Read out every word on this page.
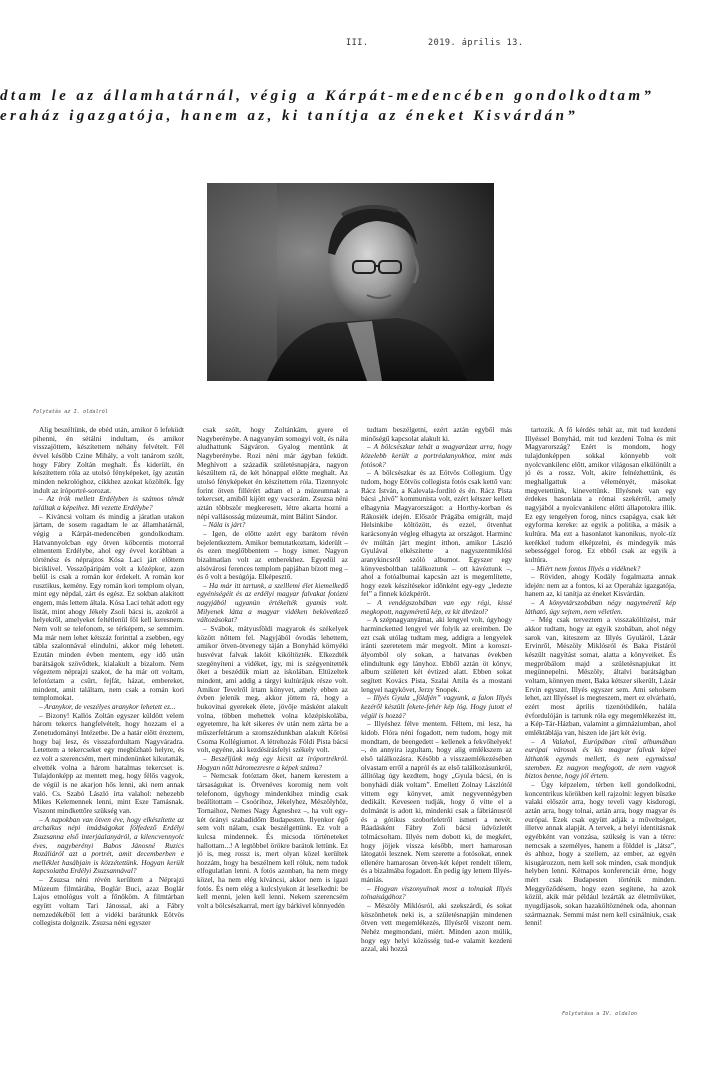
III.	2019. április 13.
dtam le az államhatárnál, végig a Kárpát-medencében gondolkodtam”
eraház igazgatója, hanem az, ki tanítja az éneket Kisvárdán”
Folytatás az I. oldalról

Alig beszéltünk, de ebéd után, amikor ő lefeküdt pihenni, én sétálni indultam, és amikor visszajöttem, készítettem néhány felvételt. Fél évvel később Czine Mihály, a volt tanárom szólt, hogy Fábry Zoltán meghalt. És kiderült, én készítettem róla az utolsó fényképeket, így azután minden nekrológhoz, cikkhez azokat közölték. Így indult az íróportré-sorozat.

– Az írók mellett Erdélyben is számos témát találtak a képeihez. Mi vezette Erdélybe?

– Kiváncsi voltam és mindig a járatlan utakon jártam, de sosem ragadtam le az államhatárnál, végig a Kárpát-medencében gondolkodtam. Hatvannyolcban egy ötven köbcentis motorral elmentem Erdélybe, ahol egy évvel korábban a történész és néprajzos Kósa Laci járt előttem biciklivel. Vesszőpáripám volt a középkor, azon belül is csak a román kor érdekelt. A román kor rusztikus, kemény. Egy román kori templom olyan, mint egy népdal, zárt és egész. Ez sokban alakított engem, más lettem általa. Kósa Laci tehát adott egy listát, mint ahogy Jékely Zsoli bácsi is, azokról a helyekről, amelyeket feltétlenül föl kell keresnem. Nem volt se telefonom, se térképem, se semmim. Ma már nem lehet kétszáz forinttal a zsebben, egy tábla szalonnával elindulni, akkor még lehetett. Ezután minden évben mentem, egy idő után barátságok szövődtek, kialakult a bizalom. Nem végeztem néprajzi szakot, de ha már ott voltam, lefotóztam a csűrt, fejfát, házat, embereket, mindent, amit találtam, nem csak a román kori templomokat.

– Aranykor, de veszélyes aranykor lehetett ez...

– Bizony! Kallós Zoltán egyszer küldött velem három tekercs hangfelvételt, hogy hozzam el a Zenetudományi Intézetbe. De a határ előtt éreztem, hogy baj lesz, és visszafordultam Nagyváradra. Letettem a tekercseket egy megbízható helyre, és ez volt a szerencsém, mert mindenünket kikutatták, elvették volna a három hatalmas tekercset is. Tulajdonképp az mentett meg, hogy félős vagyok, de végül is ne akarjon hős lenni, aki nem annak való. Cs. Szabó László írta valahol: nehezebb Mikes Kelemennek lenni, mint Esze Tamásnak. Viszont mindkettőre szükség van.

– A napokban van ötven éve, hogy elkészítette az archaikus népi imádságokat fölfedező Erdélyi Zsuzsanna első interjúalanyáról, a kilencvennyolc éves, nagyberényi Babos Jánosné Ruzics Rozáliáról azt a portrét, amit decemberben e melléklet hasábjain is közzétettünk. Hogyan került kapcsolatba Erdélyi Zsuzsannával?

– Zsuzsa néni révén kerültem a Néprajzi Múzeum filmtárába, Boglár Buci, azaz Boglár Lajos etnológus volt a főnököm. A filmtárban együtt voltam Tari Jánossal, aki a Fábry nemzedékéből lett a vidéki barátunkk Eötvös collegista dolgozik. Zsuzsa néni egyszer

csak szólt, hogy Zoltánkám, gyere el Nagyberénybe. A nagyanyám somogyi volt, és nála aludhattunk Ságváron. Gyalog mentünk át Nagyberénybe. Rozi néni már ágyban feküdt. Meghívott a századik születésnapjára, nagyon készültem rá, de két hónappal előtte meghalt. Az utolsó fényképeket én készítettem róla. Tizennyolc forint ötven fillérért adtam el a múzeumnak a tekercset, amiből kijött egy vacsorám. Zsuzsa néni aztán többször megkeresett, létre akarta hozni a népi vallásosság múzeumát, mint Bálint Sándor.

– Nála is járt?

– Igen, de előtte azért egy barátom révén bejelentkeztem. Amikor bemutatkoztam, kiderült – és ezen meglőbbentem – hogy ismer. Nagyon bizalmatlan volt az emberekhez. Egyedül az alsóvárosi ferences templom papjában bízott meg – és ő volt a besúgója. Elképesztő.

– Ha már itt tartunk, a szelllemi élet kiemelkedő egyéniségéit és az erdélyi magyar falvakat fotózni nagyjából ugyanún értékelték gyanús volt. Milyenek látta a magyar vidéken bekövetkező változásokat?

– Svábok, mátyusföldi magyarok és székelyek között nőttem fel. Nagyjából óvodás lehettem, amikor ötven-ötvenegy táján a Bonyhád környéki husvévat falvak lakóit kiköltözték. Elkezdték szegényíteni a vidéket, így, mi is szégyenitették őket a beszédük miatt az iskolában. Eltüzeltek mindent, ami addig a tárgyi kultúrájuk része volt. Amikor Tevelről írtam könyvet, amely ebben az évben jelenik meg, akkor jöttem rá, hogy a bukovinai gyerekek élete, jövője másként alakult volna, többen mehettek volna középiskolába, egyetemre, ha két sikeres év után nem zárta be a műszerfeltárum a szomszédunkban alakult Kőrösi Csoma Kollégiumot. A létrehozás Földi Pista bácsi volt, egyéne, aki kezdésírásfelyi székely volt.

– Beszéljünk még egy kicsit az íróportrékról. Hogyan nőtt háromezresre a képek száma?

– Nemcsak fotóztam őket, hanem kerestem a társaságukat is. Ötvenéves koromig nem volt telefonom, úgyhogy mindenkihez mindig csak beállítottam – Csoórihoz, Jékelyhez, Mészölyhöz, Tornaihoz, Nemes Nagy Ágneshez –, ha volt egy-két órányi szabadidőm Budapesten. Ilyenkor égő sem volt nálam, csak beszélgettünk. Ez volt a kulcsa mindennek. És micsoda történeteket hallottam...! A legtöbbel örökre barátok lettünk. Ez jó is, meg rossz is, mert olyan közel kerültek hozzám, hogy ha beszélnem kell róluk, nem tudok elfogulatlan lenni. A fotós azonban, ha nem megy közel, ha nem elég kíváncsi, akkor nem is igazi fotós. És nem elég a kulcslyukon át leselkedni: be kell menni, jelen kell lenni. Nekem szerencsém volt a bölcsészkarral, mert így bárkivel könnyedén

tudtam beszélgetni, ezért aztán egyből más minőségű kapcsolat alakult ki.

– A bölcsészkar tehát a magyarázat arra, hogy közelebb került a portréalanyokhoz, mint más fotósok?

– A bölcsészkar és az Eötvös Collegium. Úgy tudom, hogy Eötvös collegista fotós csak kettő van: Rácz István, a Kalevala-fordító és én. Rácz Pista bácsi „hívő” kommunista volt, ezért kétszer kellett elhagynia Magyarországot: a Horthy-korban és Rákosiék idején. Először Prágába emigrált, majd Helsinkibe költözött, és ezzel, ötvenhat karácsonyán végleg elhagyta az országot. Harminc év múltán járt megint itthon, amikor László Gyulával elkészítette a nagyszentmiklósi aranykincsről szóló albumot. Egyszer egy könyvesboltban találkoztunk – ott kávéztunk –, ahol a fotóalbumai kapcsán azt is megemlítette, hogy ezek készítésekor időnként egy-egy „ledezte fel” a finnek közkpérőt.

– A vendégszobában van egy régi, kissé megkopott, nagyméretű kép, ez kit ábrázol?

– A szépnagyanyámat, aki lengyel volt, úgyhogy harmincketted lengyel vér folyik az ereimben. De ezt csak utólag tudtam meg, addigra a lengyelek iránti szeretetem már megvolt. Mint a korosztályomból oly sokan, a hatvanas években elindultunk egy lányhoz. Ebből aztán öt könyv, album született két évtized alatt. Ebben sokat segített Kovács Pista, Szalai Attila és a mostani lengyel nagykövet, Jerzy Snopek.

– Illyés Gyula „földjén” vagyunk, a falon Illyés kezéről készült fekete-fehér kép lóg. Hogy jutott el végül is hozzá?

– Illyéshez félve mentem. Féltem, mi lesz, ha kidob. Flóra néni fogadott, nem tudom, hogy mit mondtam, de beengedett – kellenek a fekvőhelyek! –, én annyira izgultam, hogy alig emlékszem az első találkozásra. Később a visszaemlékezésében olvastam erről a napról és az első találkozásunkról, állítólag úgy kezdtem, hogy „Gyula bácsi, én is bonyhádi diák voltam”. Emellett Zolnay Lászlótól vittem egy könyvet, amit negyvennégyben dedikált. Keveseen tudják, hogy ő vitte el a dolmánát is adott ki, mindenki csak a fábriánusról és a gótikus szoborleletről ismeri a nevét. Ráadásként Fábry Zoli bácsi üdvözletét tolmácsoltam. Illyés nem dobott ki, de megkért, hogy jöjjek vissza később, mert hamarosan látogatói lesznek. Nem szerette a fotósokat, ennek ellenére hamarosan ötven-két képet rendelt tőlem, és a bizalmába fogadott. Én pedig így lettem Illyés-mániás.

– Hogyan viszonyulnak most a tolnaiak Illyés tolnaiságához?

– Mészöly Miklósról, aki szekszárdi, és sokat köszönhetek neki is, a születésnapján mindenen ötven vett megemlékezés, Illyésről viszont nem. Nehéz megmondani, miért. Minden azon múlik, hogy egy helyi közösség tud-e valamit kezdeni azzal, aki hozzá

tartozik. A fő kérdés tehát az, mit tud kezdeni Illyéssel Bonyhád, mit tud kezdeni Tolna és mit Magyarország? Ezért is mondom, hogy tulajdonképpen sokkal könnyebb volt nyolcvankilenc előtt, amikor világosan elkülönült a jó és a rossz. Volt, akire felnézhettünk, és meghallgattuk a véleményét, másokat megvetettünk, kinevettünk. Illyésnek van egy érdekes hasonlata a római szekérről, amely nagyjából a nyolcvankilenc előtti állapotokra illik. Ez egy tengelyen forog, nincs csapágya, csak két egyforma kereke: az egyik a politika, a másik a kultúra. Ma ezt a hasonlatot kanonikus, nyolc-tíz kerékkel tudom elképzelni, és mindegyik más sebességgel forog. Ez ebből csak az egyik a kultúra.

– Miért nem fontos Illyés a vidéknek?

– Röviden, ahogy Kodály fogalmazta annak idején: nem az a fontos, ki az Operaház igazgatója, hanem az, ki tanítja az éneket Kisvárdán.

– A könyvtárszobában négy nagyméretű kép látható, úgy sejtem, nem véletlen.

– Még csak terveztem a visszaköltözést, már akkor tudtam, hogy az egyik szobában, ahol négy sarok van, kiteszem az Illyés Gyuláról, Lázár Ervinről, Mészöly Miklósról és Baka Pistáról készült nagyítást somat, alatta a könyveiket. És megpróbálom majd a születésnapjukat itt megünnepelni. Mészöly, általvi barátságban voltam, könnyen ment, Baka kétszer sikerült, Lázár Ervin egyszer, Illyés egyszer sem. Ami seholsem lehet, azt Illyéssel is megteszem, mert ez elvárható, ezért most április tizenötödikén, halála évfordulóján is tartunk róla egy megemlékezést itt, a Kép-Tár-Házban, valamint a gimnáziumban, ahol emléktáblája van, hiszen ide járt két évig.

– A Valahol, Európában című albumában európai városok és kis magyar falvak képei láthatók egymás mellett, és nem egymással szemben. Ez nagyon megfogott, de nem vagyok biztos benne, hogy jól értem.

– Úgy képzelem, térben kell gondolkodni, koncentrikus körökben kell rajzolni: legyen büszke valaki először arra, hogy teveli vagy kisdorogi, aztán arra, hogy tolnai, aztán arra, hogy magyar és európai. Ezek csak együtt adják a műveltséget, illetve annak alapját. A tervek, a helyi identitásnak egyébként van vonzása, szükség is van a térre: nemcsak a személyes, hanem a földdel is „látsz”, és ahhoz, hogy a szellem, az ember, az egyén kisugározzon, nem kell sok minden, csak mondjuk helyben lenni. Kétnapos konferenciát érne, hogy mért csak Budapesten történik minden. Meggyőződésem, hogy ezen segítene, ha azok közül, akik már például lezárták az életművüket, nyugdíjasok, sokan hazaköltöznének oda, ahonnan származnak. Semmi mást nem kell csinálniuk, csak lenni!

Folytatása a IV. oldalon
